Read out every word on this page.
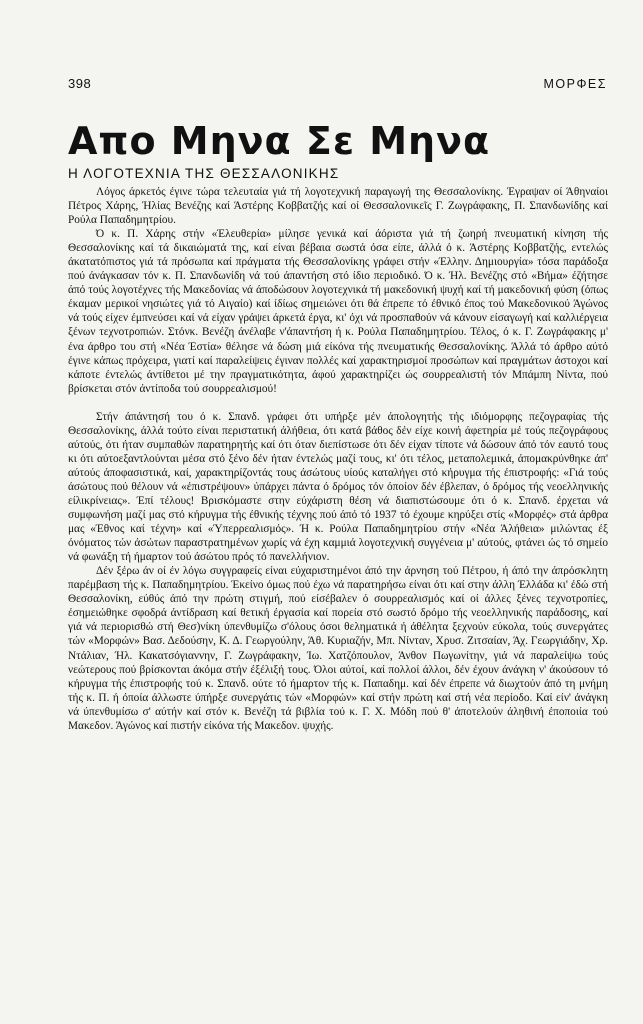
398	ΜΟΡΦΕΣ
Απο Μηνα Σε Μηνα
Η ΛΟΓΟΤΕΧΝΙΑ ΤΗΣ ΘΕΣΣΑΛΟΝΙΚΗΣ

Λόγος άρκετός έγινε τώρα τελευταία γιά τή λογοτεχνική παραγωγή της Θεσσαλονίκης. Έγραψαν οί Άθηναίοι Πέτρος Χάρης, Ήλίας Βενέζης καί Άστέρης Κοββατζής καί οί Θεσσαλονικεῖς Γ. Ζωγράφακης, Π. Σπανδωνίδης καί Ρούλα Παπαδημητρίου.

Ό κ. Π. Χάρης στήν «Έλευθερία» μίλησε γενικά καί άόριστα γιά τή ζωηρή πνευματική κίνηση τής Θεσσαλονίκης καί τά δικαιώματά της, καί είναι βέβαια σωστά όσα είπε, άλλά ό κ. Άστέρης Κοββατζής, εντελώς άκατατόπιστος γιά τά πρόσωπα καί πράγματα τής Θεσσαλονίκης γράφει στήν «Έλλην. Δημιουργία» τόσα παράδοξα πού άνάγκασαν τόν κ. Π. Σπανδωνίδη νά τού άπαντήση στό ίδιο περιοδικό. Ό κ. Ήλ. Βενέζης στό «Βήμα» έζήτησε άπό τούς λογοτέχνες τής Μακεδονίας νά άποδώσουν λογοτεχνικά τή μακεδονική ψυχή καί τή μακεδονική φύση (όπως έκαμαν μερικοί νησιώτες γιά τό Αιγαίο) καί ίδίως σημειώνει ότι θά έπρεπε τό έθνικό έπος τού Μακεδονικού Άγώνος νά τούς είχεν έμπνεύσει καί νά είχαν γράψει άρκετά έργα, κι' όχι νά προσπαθούν νά κάνουν είσαγωγή καί καλλιέργεια ξένων τεχνοτροπιών. Στόνκ. Βενέζη άνέλαβε ν'άπαντήση ή κ. Ρούλα Παπαδημητρίου. Τέλος, ό κ. Γ. Ζωγράφακης μ' ένα άρθρο του στή «Νέα Έστία» θέλησε νά δώση μιά είκόνα τής πνευματικής Θεσσαλονίκης. Άλλά τό άρθρο αύτό έγινε κάπως πρόχειρα, γιατί καί παραλείψεις έγιναν πολλές καί χαρακτηρισμοί προσώπων καί πραγμάτων άστοχοι καί κάποτε έντελώς άντίθετοι μέ την πραγματικότητα, άφού χαρακτηρίζει ώς σουρρεαλιστή τόν Μπάμπη Νίντα, πού βρίσκεται στόν άντίποδα τού σουρρεαλισμού!

Στήν άπάντησή του ό κ. Σπανδ. γράφει ότι υπήρξε μέν άπολογητής τής ιδιόμορφης πεζογραφίας τής Θεσσαλονίκης, άλλά τούτο είναι περιστατική άλήθεια, ότι κατά βάθος δέν είχε κοινή άφετηρία μέ τούς πεζογράφους αύτούς, ότι ήταν συμπαθών παρατηρητής καί ότι όταν διεπίστωσε ότι δέν είχαν τίποτε νά δώσουν άπό τόν εαυτό τους κι ότι αύτοεξαντλούνται μέσα στό ξένο δέν ήταν έντελώς μαζί τους, κι' ότι τέλος, μεταπολεμικά, άπομακρύνθηκε άπ' αύτούς άποφασιστικά, καί, χαρακτηρίζοντάς τους άσώτους υίούς καταλήγει στό κήρυγμα τής έπιστροφής: «Γιά τούς άσώτους πού θέλουν νά «έπιστρέψουν» ύπάρχει πάντα ό δρόμος τόν όποίον δέν έβλεπαν, ό δρόμος τής νεοελληνικής είλικρίνειας». Έπί τέλους! Βρισκόμαστε στην εύχάριστη θέση νά διαπιστώσουμε ότι ό κ. Σπανδ. έρχεται νά συμφωνήση μαζί μας στό κήρυγμα τής έθνικής τέχνης πού άπό τό 1937 τό έχουμε κηρύξει στίς «Μορφές» στά άρθρα μας «Έθνος καί τέχνη» καί «Ύπερρεαλισμός». Ή κ. Ρούλα Παπαδημητρίου στήν «Νέα Άλήθεια» μιλώντας έξ όνόματος τών άσώτων παραστρατημένων χωρίς νά έχη καμμιά λογοτεχνική συγγένεια μ' αύτούς, φτάνει ώς τό σημείο νά φωνάξη τή ήμαρτον τού άσώτου πρός τό πανελλήνιον.

Δέν ξέρω άν οί έν λόγω συγγραφείς είναι εύχαριστημένοι άπό την άρνηση τού Πέτρου, ή άπό την άπρόσκλητη παρέμβαση τής κ. Παπαδημητρίου. Έκείνο όμως πού έχω νά παρατηρήσω είναι ότι καί στην άλλη Έλλάδα κι' έδώ στή Θεσσαλονίκη, εύθύς άπό την πρώτη στιγμή, πού είσέβαλεν ό σουρρεαλισμός καί οί άλλες ξένες τεχνοτροπίες, έσημειώθηκε σφοδρά άντίδραση καί θετική έργασία καί πορεία στό σωστό δρόμο τής νεοελληνικής παράδοσης, καί γιά νά περιορισθώ στή Θεσ)νίκη ύπενθυμίζω σ'όλους όσοι θεληματικά ή άθέλητα ξεχνούν εύκολα, τούς συνεργάτες τών «Μορφών» Βασ. Δεδούσην, Κ. Δ. Γεωργούλην, Άθ. Κυριαζήν, Μπ. Νίνταν, Χρυσ. Ζιτσαίαν, Άχ. Γεωργιάδην, Χρ. Ντάλιαν, Ήλ. Κακατσόγιαννην, Γ. Ζωγράφακην, Ίω. Χατζόπουλον, Άνθον Πωγωνίτην, γιά νά παραλείψω τούς νεώτερους πού βρίσκονται άκόμα στήν έξέλιξή τους. Όλοι αύτοί, καί πολλοί άλλοι, δέν έχουν άνάγκη ν' άκούσουν τό κήρυγμα τής έπιστροφής τού κ. Σπανδ. ούτε τό ήμαρτον τής κ. Παπαδημ. καί δέν έπρεπε νά διωχτούν άπό τη μνήμη τής κ. Π. ή όποία άλλωστε ύπήρξε συνεργάτις τών «Μορφών» καί στήν πρώτη καί στή νέα περίοδο. Καί είν' άνάγκη νά ύπενθυμίσω σ' αύτήν καί στόν κ. Βενέζη τά βιβλία τού κ. Γ. Χ. Μόδη πού θ' άποτελούν άληθινή έποποιία τού Μακεδον. Άγώνος καί πιστήν είκόνα τής Μακεδον. ψυχής.
